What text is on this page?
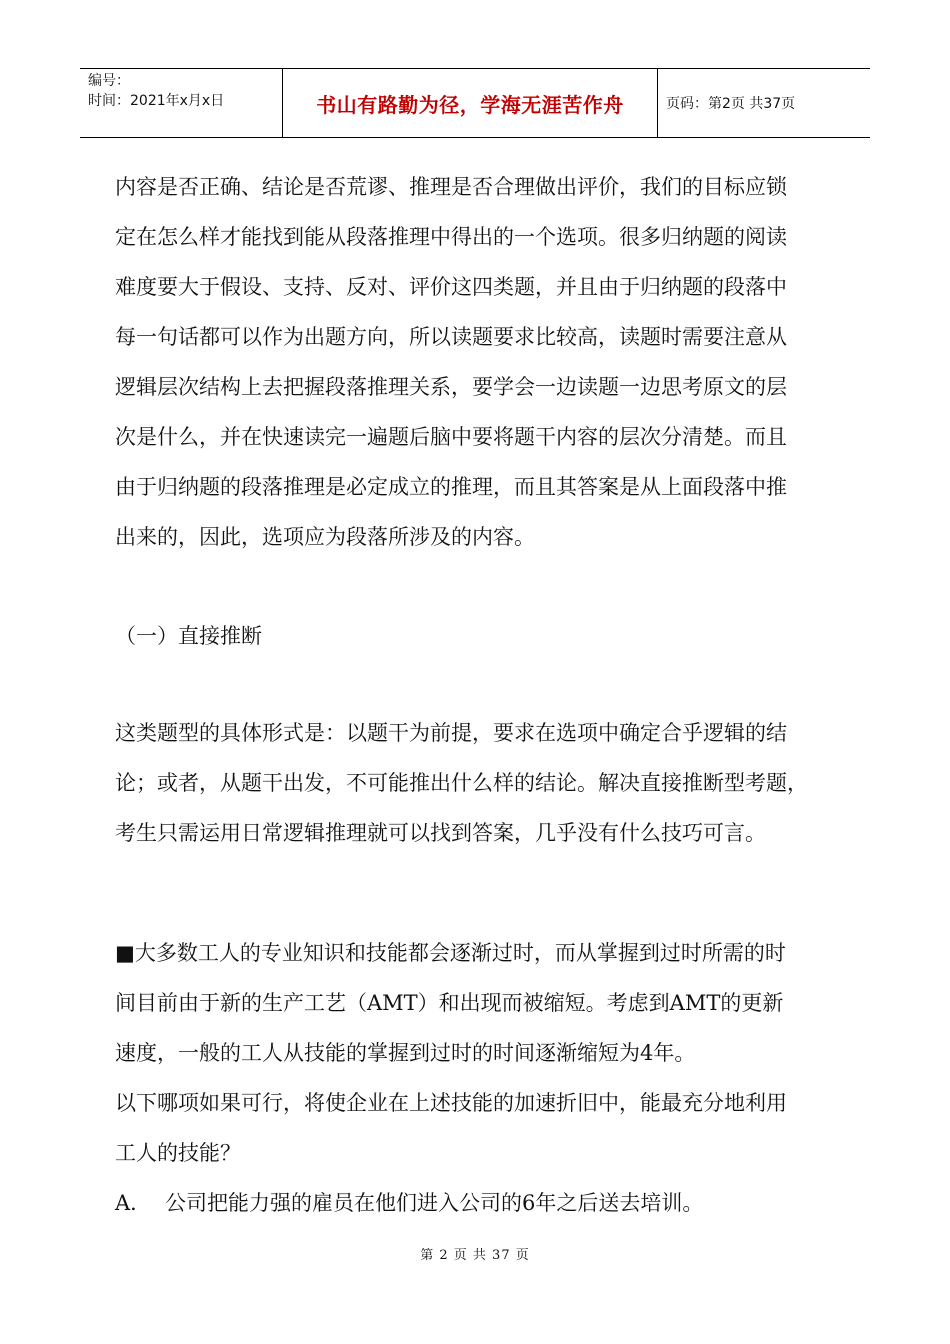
编号：
时间：2021年x月x日	书山有路勤为径，学海无涯苦作舟	页码：第2页 共37页

内容是否正确、结论是否荒谬、推理是否合理做出评价，我们的目标应锁

定在怎么样才能找到能从段落推理中得出的一个选项。很多归纳题的阅读

难度要大于假设、支持、反对、评价这四类题，并且由于归纳题的段落中

每一句话都可以作为出题方向，所以读题要求比较高，读题时需要注意从

逻辑层次结构上去把握段落推理关系，要学会一边读题一边思考原文的层

次是什么，并在快速读完一遍题后脑中要将题干内容的层次分清楚。而且

由于归纳题的段落推理是必定成立的推理，而且其答案是从上面段落中推

出来的，因此，选项应为段落所涉及的内容。

（一）直接推断

这类题型的具体形式是：以题干为前提，要求在选项中确定合乎逻辑的结

论；或者，从题干出发，不可能推出什么样的结论。解决直接推断型考题，

考生只需运用日常逻辑推理就可以找到答案，几乎没有什么技巧可言。

■大多数工人的专业知识和技能都会逐渐过时，而从掌握到过时所需的时

间目前由于新的生产工艺（AMT）和出现而被缩短。考虑到AMT的更新

速度，一般的工人从技能的掌握到过时的时间逐渐缩短为4年。

以下哪项如果可行，将使企业在上述技能的加速折旧中，能最充分地利用

工人的技能？

A． 公司把能力强的雇员在他们进入公司的6年之后送去培训。

第 2 页 共 37 页
